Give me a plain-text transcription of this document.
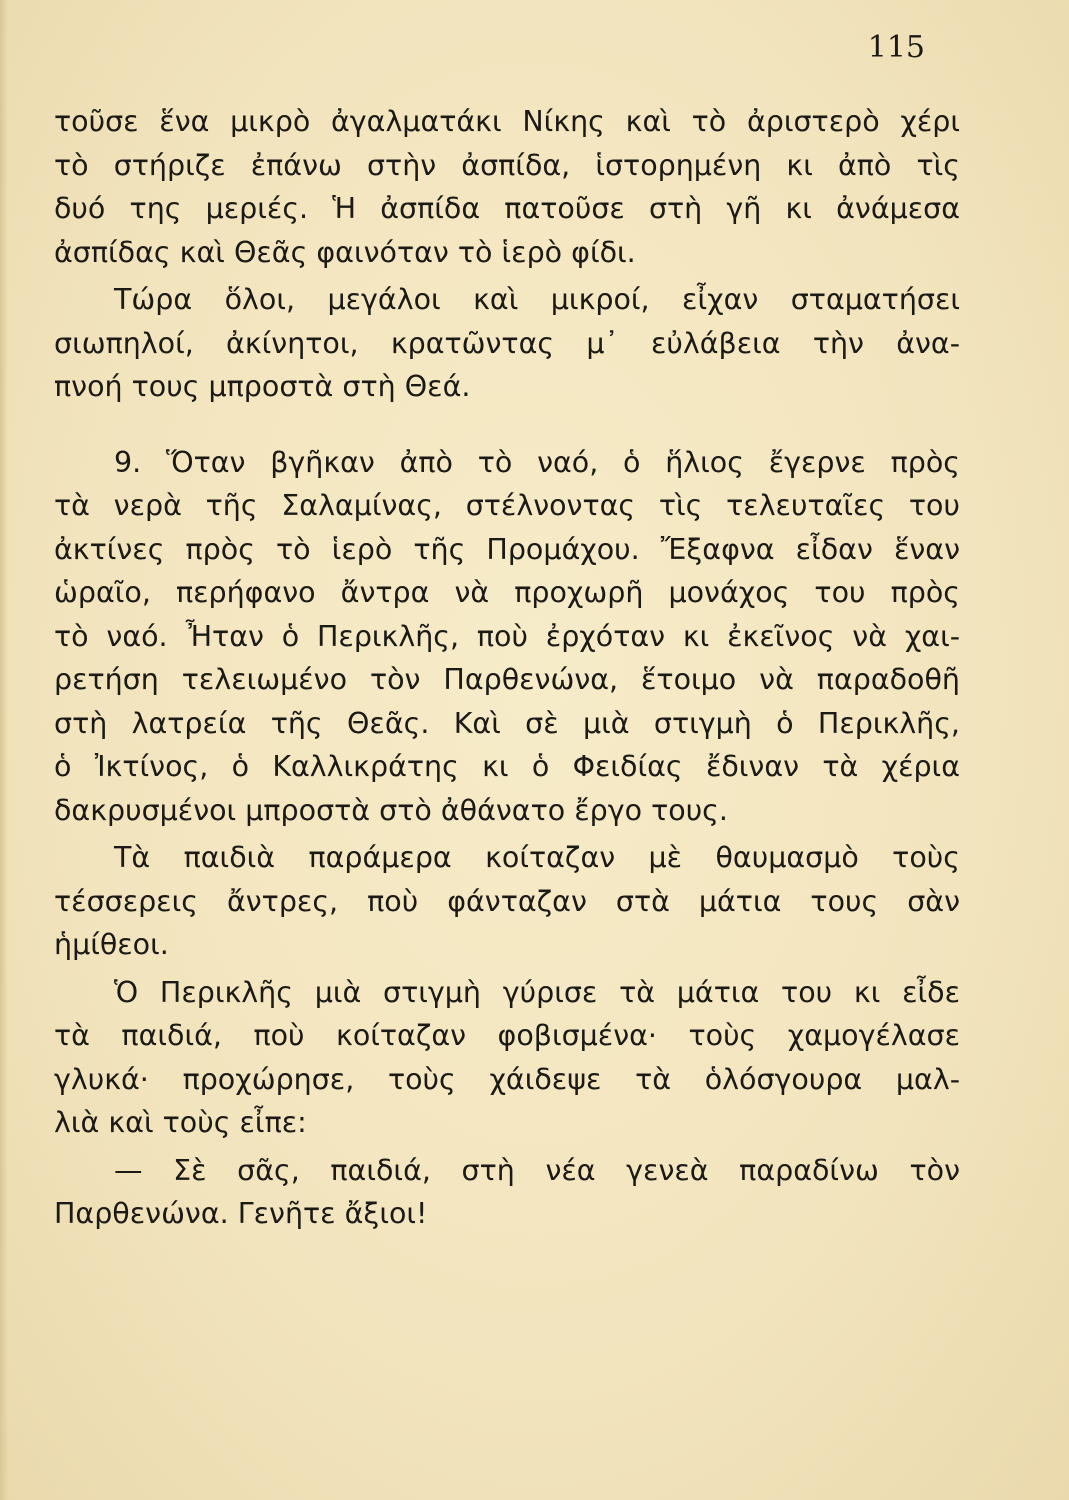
115
τοῦσε ἕνα μικρὸ ἀγαλματάκι Νίκης καὶ τὸ ἀριστερὸ χέρι
τὸ στήριζε ἐπάνω στὴν ἀσπίδα, ἱστορημένη κι ἀπὸ τὶς
δυό της μεριές. Ἡ ἀσπίδα πατοῦσε στὴ γῆ κι ἀνάμεσα
ἀσπίδας καὶ Θεᾶς φαινόταν τὸ ἱερὸ φίδι.
Τώρα ὅλοι, μεγάλοι καὶ μικροί, εἶχαν σταματήσει
σιωπηλοί, ἀκίνητοι, κρατῶντας μ᾿ εὐλάβεια τὴν ἀνα-
πνοή τους μπροστὰ στὴ Θεά.
9. Ὅταν βγῆκαν ἀπὸ τὸ ναό, ὁ ἥλιος ἔγερνε πρὸς
τὰ νερὰ τῆς Σαλαμίνας, στέλνοντας τὶς τελευταῖες του
ἀκτίνες πρὸς τὸ ἱερὸ τῆς Προμάχου. Ἔξαφνα εἶδαν ἕναν
ὡραῖο, περήφανο ἄντρα νὰ προχωρῆ μονάχος του πρὸς
τὸ ναό. Ἦταν ὁ Περικλῆς, ποὺ ἐρχόταν κι ἐκεῖνος νὰ χαι-
ρετήση τελειωμένο τὸν Παρθενώνα, ἕτοιμο νὰ παραδοθῆ
στὴ λατρεία τῆς Θεᾶς. Καὶ σὲ μιὰ στιγμὴ ὁ Περικλῆς,
ὁ Ἰκτίνος, ὁ Καλλικράτης κι ὁ Φειδίας ἔδιναν τὰ χέρια
δακρυσμένοι μπροστὰ στὸ ἀθάνατο ἔργο τους.
Τὰ παιδιὰ παράμερα κοίταζαν μὲ θαυμασμὸ τοὺς
τέσσερεις ἄντρες, ποὺ φάνταζαν στὰ μάτια τους σὰν
ἡμίθεοι.
Ὁ Περικλῆς μιὰ στιγμὴ γύρισε τὰ μάτια του κι εἶδε
τὰ παιδιά, ποὺ κοίταζαν φοβισμένα· τοὺς χαμογέλασε
γλυκά· προχώρησε, τοὺς χάιδεψε τὰ ὁλόσγουρα μαλ-
λιὰ καὶ τοὺς εἶπε:
— Σὲ σᾶς, παιδιά, στὴ νέα γενεὰ παραδίνω τὸν
Παρθενώνα. Γενῆτε ἄξιοι!
